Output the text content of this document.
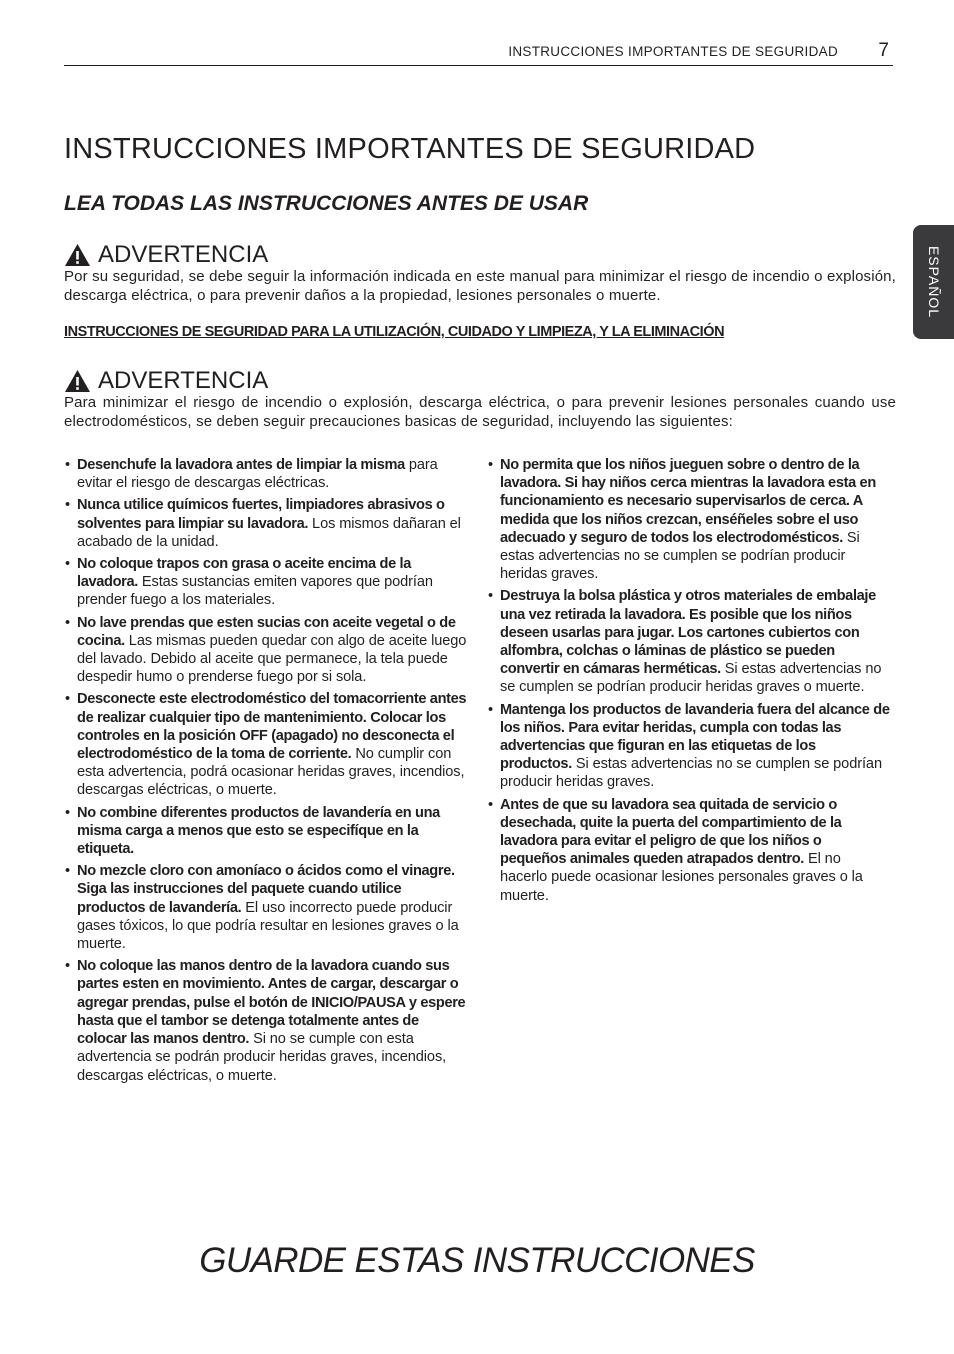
INSTRUCCIONES IMPORTANTES DE SEGURIDAD 7
ESPAÑOL
INSTRUCCIONES IMPORTANTES DE SEGURIDAD
LEA TODAS LAS INSTRUCCIONES ANTES DE USAR
ADVERTENCIA

Por su seguridad, se debe seguir la información indicada en este manual para minimizar el riesgo de incendio o explosión, descarga eléctrica, o para prevenir daños a la propiedad, lesiones personales o muerte.

INSTRUCCIONES DE SEGURIDAD PARA LA UTILIZACIÓN, CUIDADO Y LIMPIEZA, Y LA ELIMINACIÓN

ADVERTENCIA

Para minimizar el riesgo de incendio o explosión, descarga eléctrica, o para prevenir lesiones personales cuando use electrodomésticos, se deben seguir precauciones basicas de seguridad, incluyendo las siguientes:

• Desenchufe la lavadora antes de limpiar la misma para evitar el riesgo de descargas eléctricas.
• Nunca utilice químicos fuertes, limpiadores abrasivos o solventes para limpiar su lavadora. Los mismos dañaran el acabado de la unidad.
• No coloque trapos con grasa o aceite encima de la lavadora. Estas sustancias emiten vapores que podrían prender fuego a los materiales.
• No lave prendas que esten sucias con aceite vegetal o de cocina. Las mismas pueden quedar con algo de aceite luego del lavado. Debido al aceite que permanece, la tela puede despedir humo o prenderse fuego por si sola.
• Desconecte este electrodoméstico del tomacorriente antes de realizar cualquier tipo de mantenimiento. Colocar los controles en la posición OFF (apagado) no desconecta el electrodoméstico de la toma de corriente. No cumplir con esta advertencia, podrá ocasionar heridas graves, incendios, descargas eléctricas, o muerte.
• No combine diferentes productos de lavandería en una misma carga a menos que esto se especifíque en la etiqueta.
• No mezcle cloro con amoníaco o ácidos como el vinagre. Siga las instrucciones del paquete cuando utilice productos de lavandería. El uso incorrecto puede producir gases tóxicos, lo que podría resultar en lesiones graves o la muerte.
• No coloque las manos dentro de la lavadora cuando sus partes esten en movimiento. Antes de cargar, descargar o agregar prendas, pulse el botón de INICIO/PAUSA y espere hasta que el tambor se detenga totalmente antes de colocar las manos dentro. Si no se cumple con esta advertencia se podrán producir heridas graves, incendios, descargas eléctricas, o muerte.
• No permita que los niños jueguen sobre o dentro de la lavadora. Si hay niños cerca mientras la lavadora esta en funcionamiento es necesario supervisarlos de cerca. A medida que los niños crezcan, enséñeles sobre el uso adecuado y seguro de todos los electrodomésticos. Si estas advertencias no se cumplen se podrían producir heridas graves.
• Destruya la bolsa plástica y otros materiales de embalaje una vez retirada la lavadora. Es posible que los niños deseen usarlas para jugar. Los cartones cubiertos con alfombra, colchas o láminas de plástico se pueden convertir en cámaras herméticas. Si estas advertencias no se cumplen se podrían producir heridas graves o muerte.
• Mantenga los productos de lavanderia fuera del alcance de los niños. Para evitar heridas, cumpla con todas las advertencias que figuran en las etiquetas de los productos. Si estas advertencias no se cumplen se podrían producir heridas graves.
• Antes de que su lavadora sea quitada de servicio o desechada, quite la puerta del compartimiento de la lavadora para evitar el peligro de que los niños o pequeños animales queden atrapados dentro. El no hacerlo puede ocasionar lesiones personales graves o la muerte.
GUARDE ESTAS INSTRUCCIONES
